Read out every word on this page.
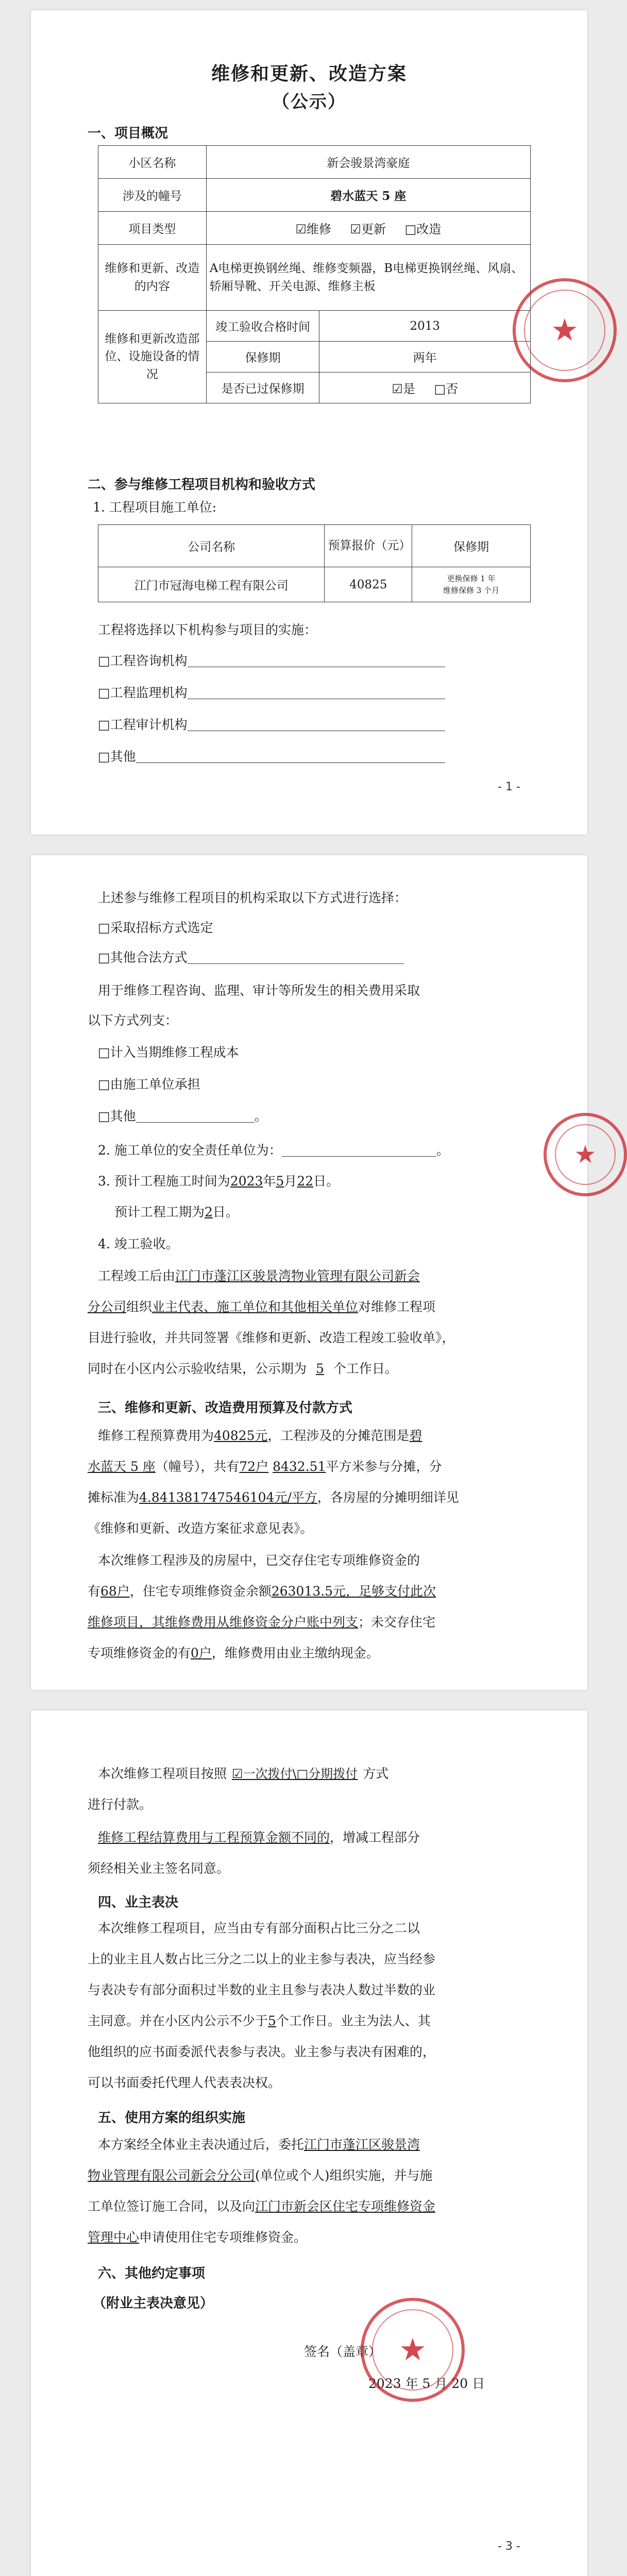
维修和更新、改造方案
（公示）
一、项目概况
小区名称	新会骏景湾豪庭	
涉及的幢号	碧水蓝天 5 座	
项目类型	☑维修 ☑更新 □改造	
维修和更新、改造的内容	A电梯更换钢丝绳、维修变频器，B电梯更换钢丝绳、风扇、轿厢导靴、开关电源、维修主板	
维修和更新改造部位、设施设备的情况	竣工验收合格时间	2013
	保修期	两年
	是否已过保修期	☑是 □否
二、参与维修工程项目机构和验收方式
1. 工程项目施工单位:
公司名称	预算报价（元）	保修期
江门市冠海电梯工程有限公司	40825	更换保修 1 年
维修保修 3 个月
工程将选择以下机构参与项目的实施：
□工程咨询机构
□工程监理机构
□工程审计机构
□其他
- 1 -
★

上述参与维修工程项目的机构采取以下方式进行选择：
□采取招标方式选定
□其他合法方式
用于维修工程咨询、监理、审计等所发生的相关费用采取
以下方式列支：
□计入当期维修工程成本
□由施工单位承担
□其他	。
2. 施工单位的安全责任单位为：	。
3. 预计工程施工时间为2023年5月22日。
预计工程工期为2日。
4. 竣工验收。
工程竣工后由江门市蓬江区骏景湾物业管理有限公司新会
分公司组织业主代表、施工单位和其他相关单位对维修工程项
目进行验收，并共同签署《维修和更新、改造工程竣工验收单》，
同时在小区内公示验收结果，公示期为 5 个工作日。
三、维修和更新、改造费用预算及付款方式
维修工程预算费用为40825元，工程涉及的分摊范围是碧
水蓝天 5 座（幢号），共有72户 8432.51平方米参与分摊，分
摊标准为4.841381747546104元/平方，各房屋的分摊明细详见
《维修和更新、改造方案征求意见表》。
本次维修工程涉及的房屋中，已交存住宅专项维修资金的
有68户，住宅专项维修资金余额263013.5元，足够支付此次
维修项目，其维修费用从维修资金分户账中列支；未交存住宅
专项维修资金的有0户，维修费用由业主缴纳现金。
★
本次维修工程项目按照 ☑一次拨付\□分期拨付 方式
进行付款。
维修工程结算费用与工程预算金额不同的，增减工程部分
须经相关业主签名同意。
四、业主表决
本次维修工程项目，应当由专有部分面积占比三分之二以
上的业主且人数占比三分之二以上的业主参与表决，应当经参
与表决专有部分面积过半数的业主且参与表决人数过半数的业
主同意。并在小区内公示不少于5个工作日。业主为法人、其
他组织的应书面委派代表参与表决。业主参与表决有困难的，
可以书面委托代理人代表表决权。
五、使用方案的组织实施
本方案经全体业主表决通过后，委托江门市蓬江区骏景湾
物业管理有限公司新会分公司(单位或个人)组织实施，并与施
工单位签订施工合同，以及向江门市新会区住宅专项维修资金
管理中心申请使用住宅专项维修资金。
六、其他约定事项
（附业主表决意见）
签名（盖章）
2023 年 5 月 20 日
- 3 -
★
